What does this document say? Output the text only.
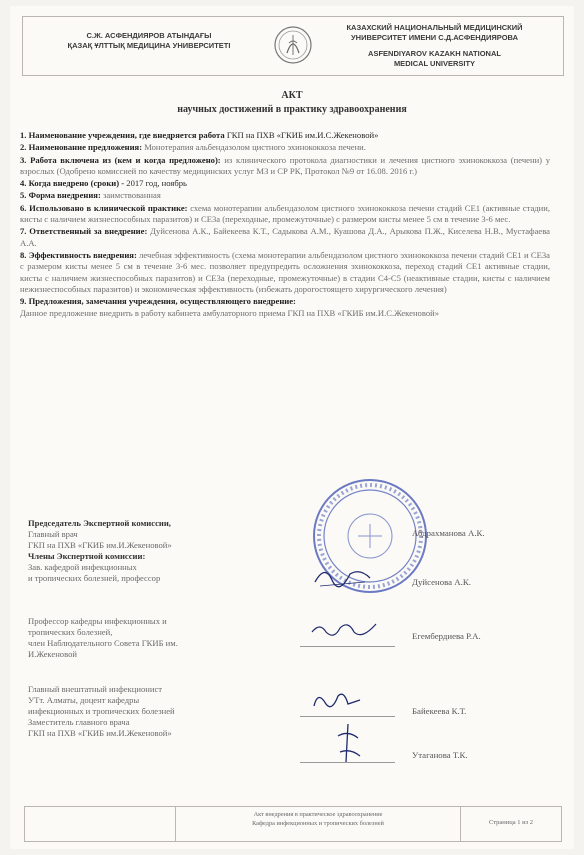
С.Ж. АСФЕНДИЯРОВ АТЫНДАҒЫ
ҚАЗАҚ ҰЛТТЫҚ МЕДИЦИНА УНИВЕРСИТЕТІ
КАЗАХСКИЙ НАЦИОНАЛЬНЫЙ МЕДИЦИНСКИЙ
УНИВЕРСИТЕТ ИМЕНИ С.Д.АСФЕНДИЯРОВА
ASFENDIYAROV KAZAKH NATIONAL
MEDICAL UNIVERSITY
АКТ
научных достижений в практику здравоохранения

1. Наименование учреждения, где внедряется работа ГКП на ПХВ «ГКИБ им.И.С.Жекеновой»

2. Наименование предложения: Монотерапия альбендазолом цистного эхинококкоза печени.

3. Работа включена из (кем и когда предложено): из клинического протокола диагностики и лечения цистного эхинококкоза (печени) у взрослых (Одобрено комиссией по качеству медицинских услуг МЗ и СР РК, Протокол №9 от 16.08. 2016 г.)

4. Когда внедрено (сроки) - 2017 год, ноябрь

5. Форма внедрения: заимствованная

6. Использовано в клинической практике: схема монотерапии альбендазолом цистного эхинококкоза печени стадий СЕ1 (активные стадии, кисты с наличием жизнеспособных паразитов) и СЕ3а (переходные, промежуточные) с размером кисты менее 5 см в течение 3-6 мес.

7. Ответственный за внедрение: Дуйсенова А.К., Байекеева К.Т., Садыкова А.М., Куашова Д.А., Арыкова П.Ж., Киселева Н.В., Мустафаева А.А.

8. Эффективность внедрения: лечебная эффективность (схема монотерапии альбендазолом цистного эхинококкоза печени стадий СЕ1 и СЕ3а с размером кисты менее 5 см в течение 3-6 мес. позволяет предупредить осложнения эхинококкоза, переход стадий СЕ1 активные стадии, кисты с наличием жизнеспособных паразитов) и СЕ3а (переходные, промежуточные) в стадии С4-С5 (неактивные стадии, кисты с наличием нежизнеспособных паразитов) и экономическая эффективность (избежать дорогостоящего хирургического лечения)

9. Предложения, замечания учреждения, осуществляющего внедрение:

Данное предложение внедрить в работу кабинета амбулаторного приема ГКП на ПХВ «ГКИБ им.И.С.Жекеновой»

Председатель Экспертной комиссии,
Главный врач
ГКП на ПХВ «ГКИБ им.И.Жекеновой»
Члены Экспертной комиссии:
Зав. кафедрой инфекционных
и тропических болезней, профессор
Абдрахманова А.К.
Дуйсенова А.К.
Профессор кафедры инфекционных и
тропических болезней,
член Наблюдательного Совета ГКИБ им.
И.Жекеновой
Егембердиева Р.А.
Главный внештатный инфекционист
УТт. Алматы, доцент кафедры
инфекционных и тропических болезней
Заместитель главного врача
ГКП на ПХВ «ГКИБ им.И.Жекеновой»
Байекеева К.Т.
Утаганова Т.К.
Акт внедрения в практическое здравоохранение
Кафедра инфекционных и тропических болезней	Страница 1 из 2
